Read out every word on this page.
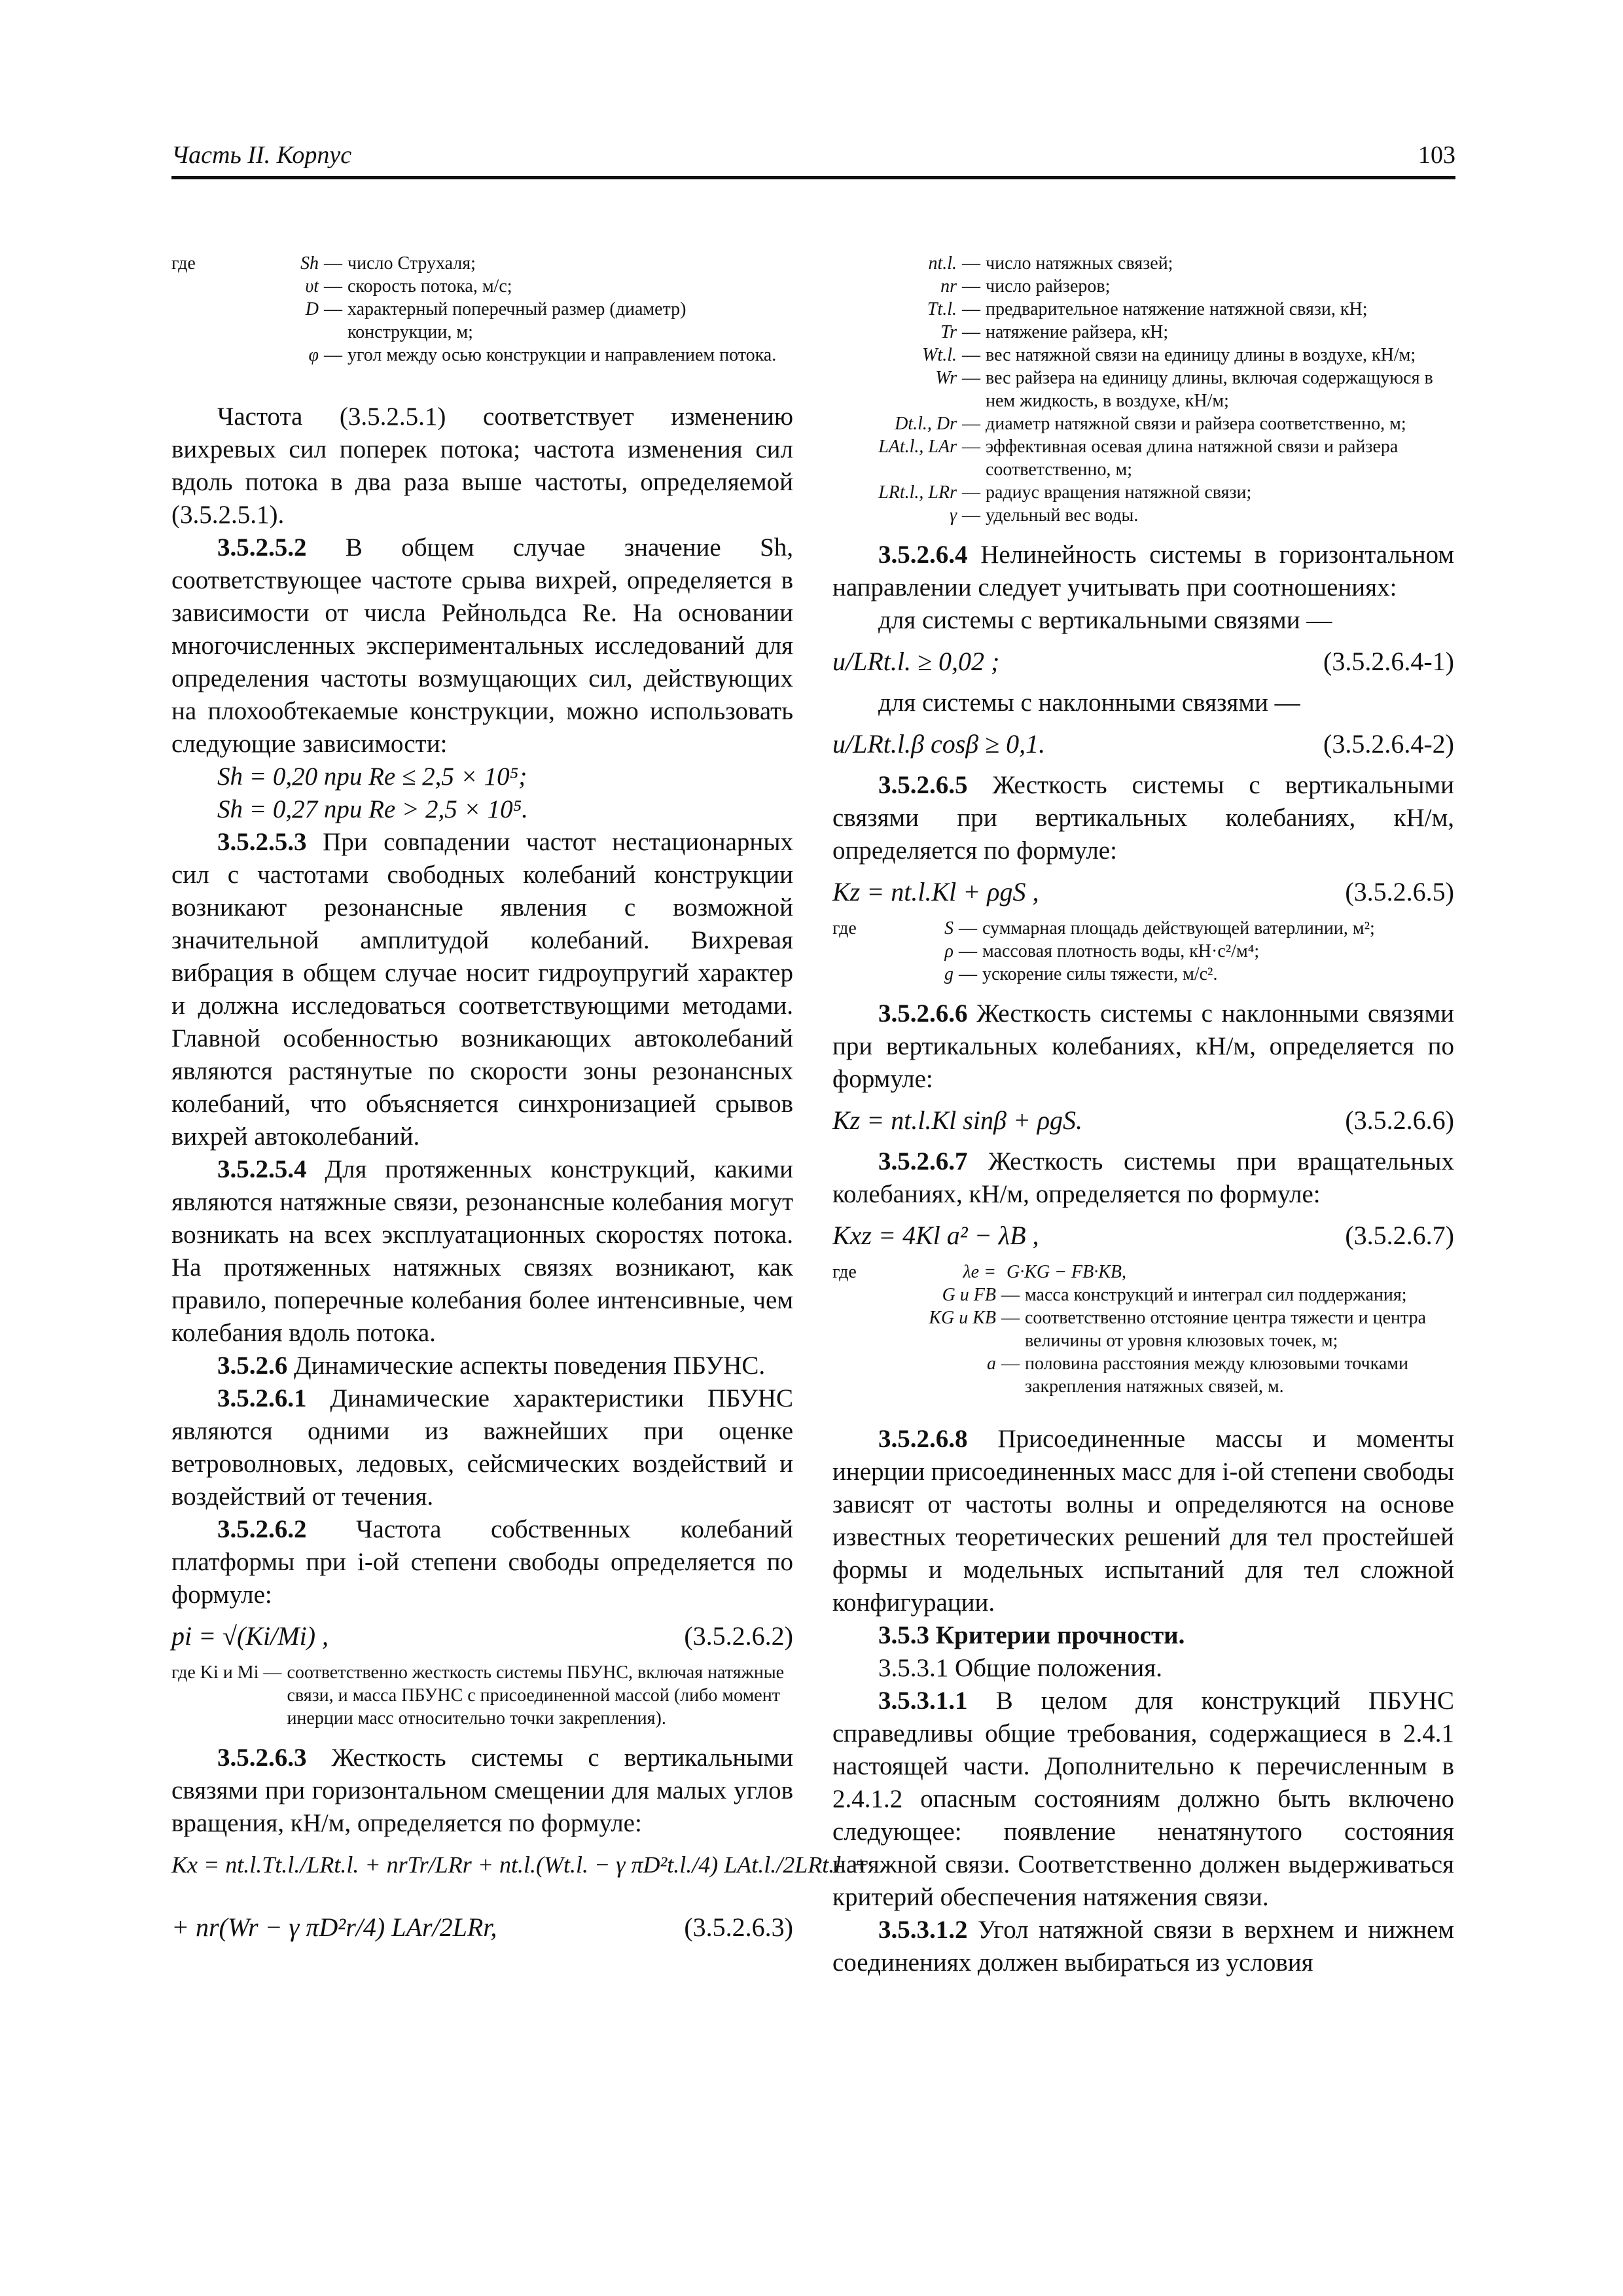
Часть II. Корпус	103
где	Sh — число Струхаля;
υt — скорость потока, м/с;
D — характерный поперечный размер (диаметр) конструкции, м;
φ — угол между осью конструкции и направлением потока.

Частота (3.5.2.5.1) соответствует изменению вихревых сил поперек потока; частота изменения сил вдоль потока в два раза выше частоты, определяемой (3.5.2.5.1).

3.5.2.5.2 В общем случае значение Sh, соответствующее частоте срыва вихрей, определяется в зависимости от числа Рейнольдса Re. На основании многочисленных экспериментальных исследований для определения частоты возмущающих сил, действующих на плохообтекаемые конструкции, можно использовать следующие зависимости:

Sh = 0,20 при Re ≤ 2,5 × 10⁵;

Sh = 0,27 при Re > 2,5 × 10⁵.

3.5.2.5.3 При совпадении частот нестационарных сил с частотами свободных колебаний конструкции возникают резонансные явления с возможной значительной амплитудой колебаний. Вихревая вибрация в общем случае носит гидроупругий характер и должна исследоваться соответствующими методами. Главной особенностью возникающих автоколебаний являются растянутые по скорости зоны резонансных колебаний, что объясняется синхронизацией срывов вихрей автоколебаний.

3.5.2.5.4 Для протяженных конструкций, какими являются натяжные связи, резонансные колебания могут возникать на всех эксплуатационных скоростях потока. На протяженных натяжных связях возникают, как правило, поперечные колебания более интенсивные, чем колебания вдоль потока.

3.5.2.6 Динамические аспекты поведения ПБУНС.

3.5.2.6.1 Динамические характеристики ПБУНС являются одними из важнейших при оценке ветроволновых, ледовых, сейсмических воздействий и воздействий от течения.

3.5.2.6.2 Частота собственных колебаний платформы при i-ой степени свободы определяется по формуле:

pi = √(Ki/Mi) ,	(3.5.2.6.2)
где Ki и Mi — соответственно жесткость системы ПБУНС, включая натяжные связи, и масса ПБУНС с присоединенной массой (либо момент инерции масс относительно точки закрепления).

3.5.2.6.3 Жесткость системы с вертикальными связями при горизонтальном смещении для малых углов вращения, кН/м, определяется по формуле:

Kx = nt.l.Tt.l./LRt.l. + nrTr/LRr + nt.l.(Wt.l. − γ πD²t.l./4) LAt.l./2LRt.l. +
+ nr(Wr − γ πD²r/4) LAr/2LRr,	(3.5.2.6.3)
nt.l. — число натяжных связей;
nr — число райзеров;
Tt.l. — предварительное натяжение натяжной связи, кН;
Tr — натяжение райзера, кН;
Wt.l. — вес натяжной связи на единицу длины в воздухе, кН/м;
Wr — вес райзера на единицу длины, включая содержащуюся в нем жидкость, в воздухе, кН/м;
Dt.l., Dr — диаметр натяжной связи и райзера соответственно, м;
LAt.l., LAr — эффективная осевая длина натяжной связи и райзера соответственно, м;
LRt.l., LRr — радиус вращения натяжной связи;
γ — удельный вес воды.

3.5.2.6.4 Нелинейность системы в горизонтальном направлении следует учитывать при соотношениях:

для системы с вертикальными связями —

u/LRt.l. ≥ 0,02 ;	(3.5.2.6.4-1)

для системы с наклонными связями —

u/LRt.l.β cosβ ≥ 0,1.	(3.5.2.6.4-2)

3.5.2.6.5 Жесткость системы с вертикальными связями при вертикальных колебаниях, кН/м, определяется по формуле:

Kz = nt.l.Kl + ρgS ,	(3.5.2.6.5)
где	S — суммарная площадь действующей ватерлинии, м²;
ρ — массовая плотность воды, кН·с²/м⁴;
g — ускорение силы тяжести, м/с².

3.5.2.6.6 Жесткость системы с наклонными связями при вертикальных колебаниях, кН/м, определяется по формуле:

Kz = nt.l.Kl sinβ + ρgS.	(3.5.2.6.6)

3.5.2.6.7 Жесткость системы при вращательных колебаниях, кН/м, определяется по формуле:

Kxz = 4Kl a² − λB ,	(3.5.2.6.7)
где	λe = G·KG − FB·KB,
G и FB — масса конструкций и интеграл сил поддержания;
KG и KB — соответственно отстояние центра тяжести и центра величины от уровня клюзовых точек, м;
a — половина расстояния между клюзовыми точками закрепления натяжных связей, м.

3.5.2.6.8 Присоединенные массы и моменты инерции присоединенных масс для i-ой степени свободы зависят от частоты волны и определяются на основе известных теоретических решений для тел простейшей формы и модельных испытаний для тел сложной конфигурации.

3.5.3 Критерии прочности.

3.5.3.1 Общие положения.

3.5.3.1.1 В целом для конструкций ПБУНС справедливы общие требования, содержащиеся в 2.4.1 настоящей части. Дополнительно к перечисленным в 2.4.1.2 опасным состояниям должно быть включено следующее: появление ненатянутого состояния натяжной связи. Соответственно должен выдерживаться критерий обеспечения натяжения связи.

3.5.3.1.2 Угол натяжной связи в верхнем и нижнем соединениях должен выбираться из условия
